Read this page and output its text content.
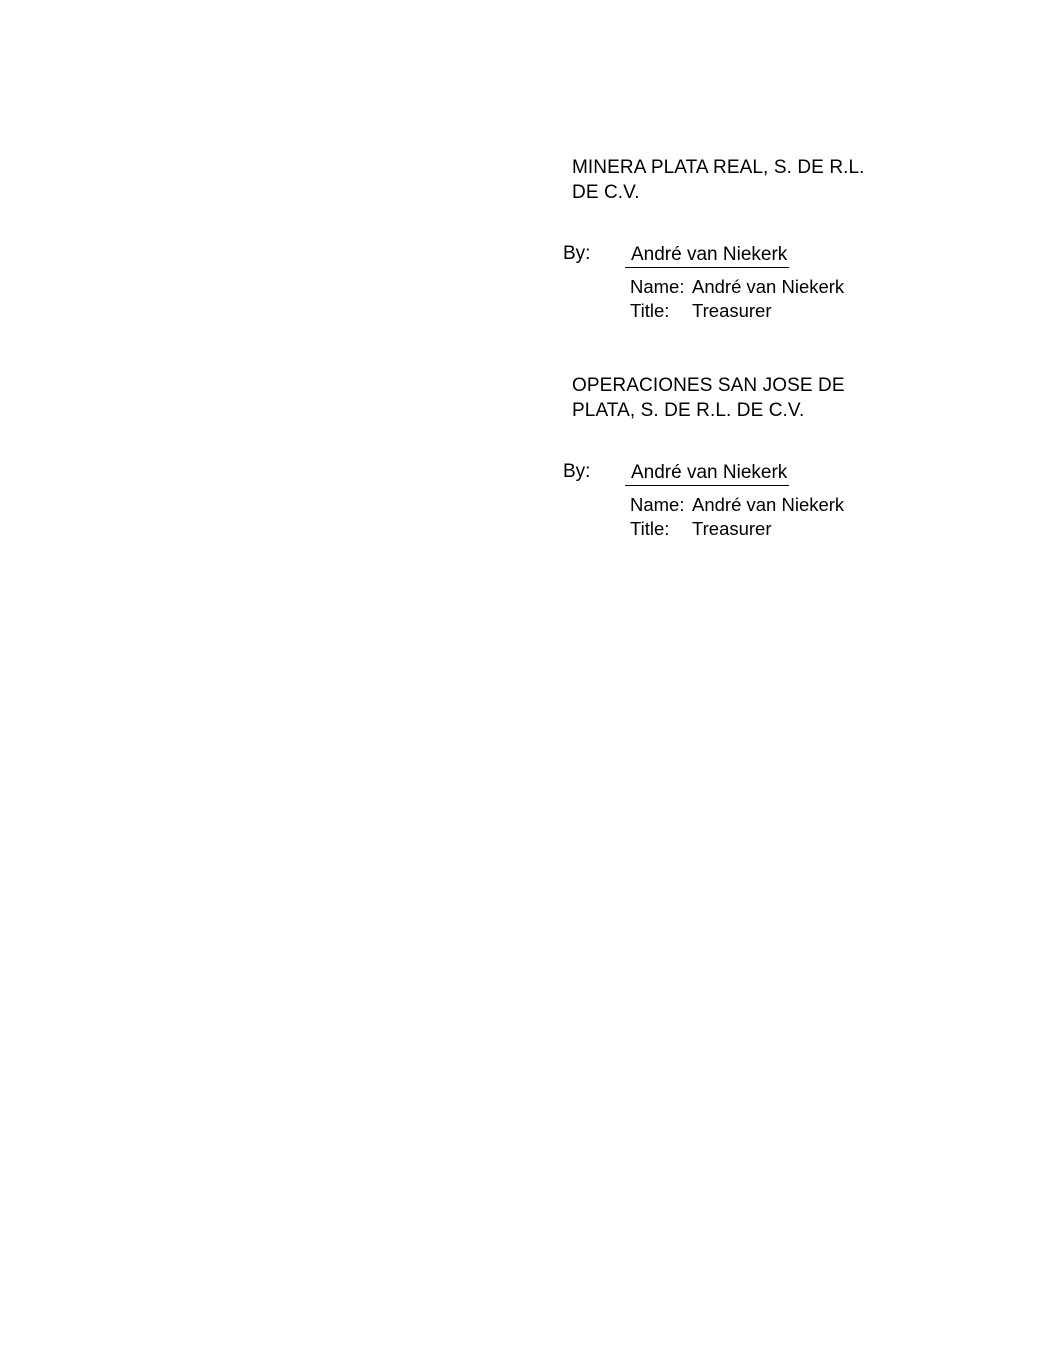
MINERA PLATA REAL, S. DE R.L.
DE C.V.
By:	André van Niekerk
Name: André van Niekerk
Title: Treasurer
OPERACIONES SAN JOSE DE
PLATA, S. DE R.L. DE C.V.
By:	André van Niekerk
Name: André van Niekerk
Title: Treasurer
